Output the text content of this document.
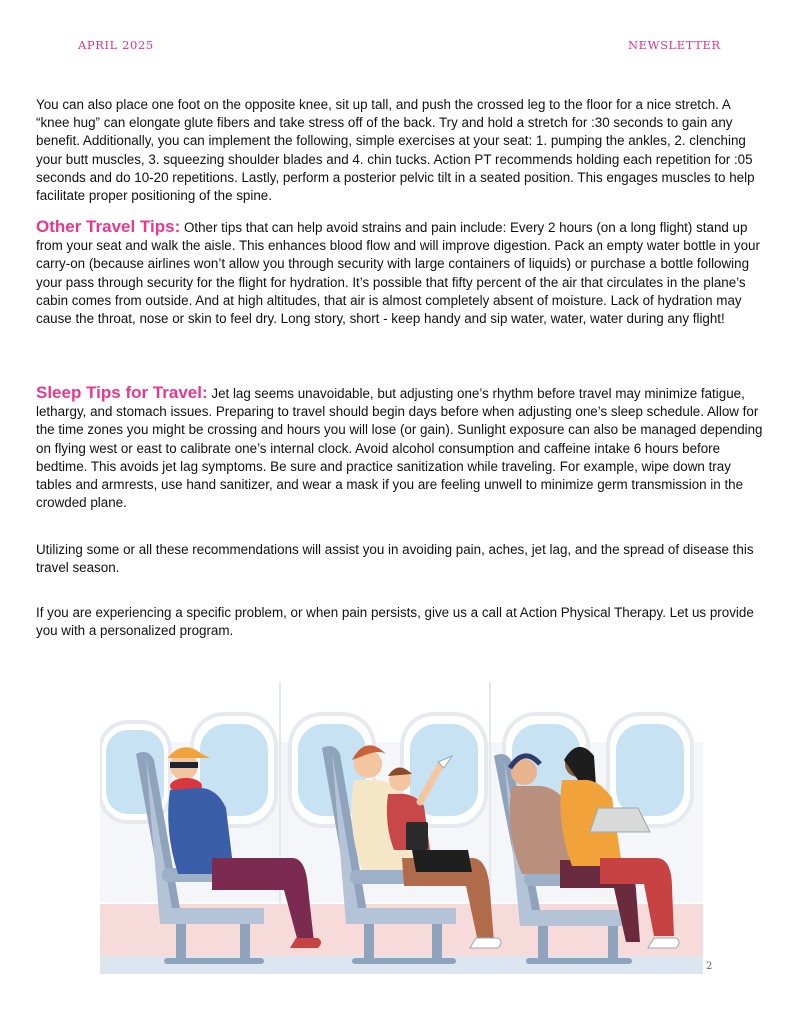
APRIL 2025	NEWSLETTER
You can also place one foot on the opposite knee, sit up tall, and push the crossed leg to the floor for a nice stretch. A “knee hug” can elongate glute fibers and take stress off of the back. Try and hold a stretch for :30 seconds to gain any benefit. Additionally, you can implement the following, simple exercises at your seat: 1. pumping the ankles, 2. clenching your butt muscles, 3. squeezing shoulder blades and 4. chin tucks. Action PT recommends holding each repetition for :05 seconds and do 10-20 repetitions. Lastly, perform a posterior pelvic tilt in a seated position. This engages muscles to help facilitate proper positioning of the spine.
Other Travel Tips: Other tips that can help avoid strains and pain include: Every 2 hours (on a long flight) stand up from your seat and walk the aisle. This enhances blood flow and will improve digestion. Pack an empty water bottle in your carry-on (because airlines won’t allow you through security with large containers of liquids) or purchase a bottle following your pass through security for the flight for hydration. It’s possible that fifty percent of the air that circulates in the plane’s cabin comes from outside. And at high altitudes, that air is almost completely absent of moisture. Lack of hydration may cause the throat, nose or skin to feel dry. Long story, short - keep handy and sip water, water, water during any flight!
Sleep Tips for Travel: Jet lag seems unavoidable, but adjusting one’s rhythm before travel may minimize fatigue, lethargy, and stomach issues. Preparing to travel should begin days before when adjusting one’s sleep schedule. Allow for the time zones you might be crossing and hours you will lose (or gain). Sunlight exposure can also be managed depending on flying west or east to calibrate one’s internal clock. Avoid alcohol consumption and caffeine intake 6 hours before bedtime. This avoids jet lag symptoms. Be sure and practice sanitization while traveling. For example, wipe down tray tables and armrests, use hand sanitizer, and wear a mask if you are feeling unwell to minimize germ transmission in the crowded plane.
Utilizing some or all these recommendations will assist you in avoiding pain, aches, jet lag, and the spread of disease this travel season.
If you are experiencing a specific problem, or when pain persists, give us a call at Action Physical Therapy. Let us provide you with a personalized program.
2
